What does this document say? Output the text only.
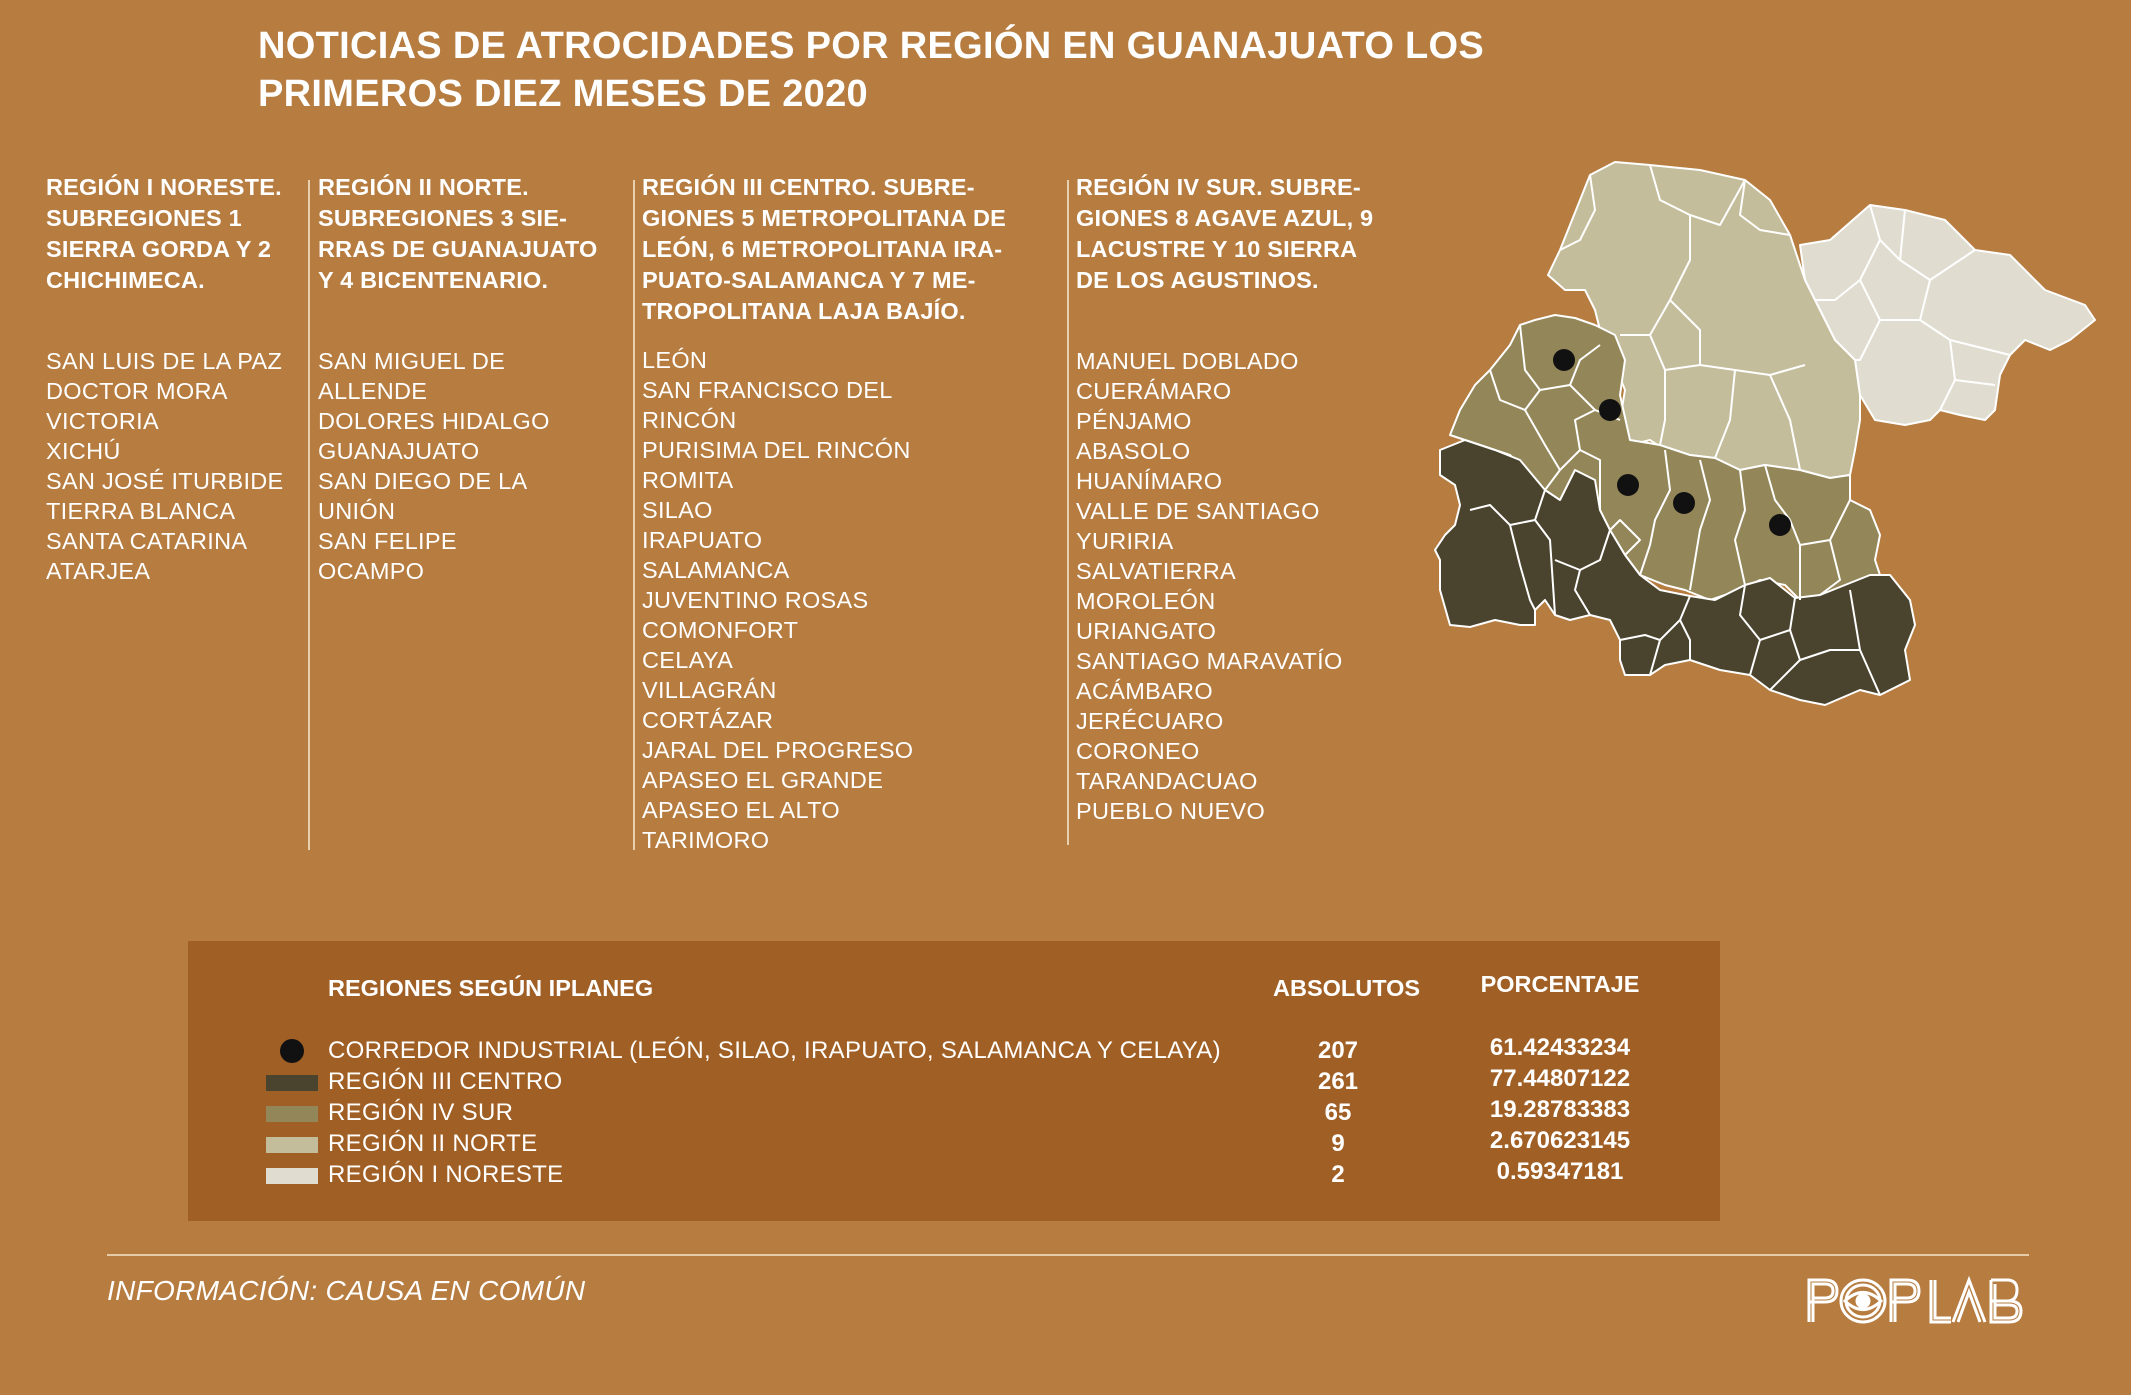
NOTICIAS DE ATROCIDADES POR REGIÓN EN GUANAJUATO LOS
PRIMEROS DIEZ MESES DE 2020
REGIÓN I NORESTE.
SUBREGIONES 1
SIERRA GORDA Y 2
CHICHIMECA.
SAN LUIS DE LA PAZ
DOCTOR MORA
VICTORIA
XICHÚ
SAN JOSÉ ITURBIDE
TIERRA BLANCA
SANTA CATARINA
ATARJEA
REGIÓN II NORTE.
SUBREGIONES 3 SIE-
RRAS DE GUANAJUATO
Y 4 BICENTENARIO.
SAN MIGUEL DE
ALLENDE
DOLORES HIDALGO
GUANAJUATO
SAN DIEGO DE LA
UNIÓN
SAN FELIPE
OCAMPO
REGIÓN III CENTRO. SUBRE-
GIONES 5 METROPOLITANA DE
LEÓN, 6 METROPOLITANA IRA-
PUATO-SALAMANCA Y 7 ME-
TROPOLITANA LAJA BAJÍO.
LEÓN
SAN FRANCISCO DEL
RINCÓN
PURISIMA DEL RINCÓN
ROMITA
SILAO
IRAPUATO
SALAMANCA
JUVENTINO ROSAS
COMONFORT
CELAYA
VILLAGRÁN
CORTÁZAR
JARAL DEL PROGRESO
APASEO EL GRANDE
APASEO EL ALTO
TARIMORO
REGIÓN IV SUR. SUBRE-
GIONES 8 AGAVE AZUL, 9
LACUSTRE Y 10 SIERRA
DE LOS AGUSTINOS.
MANUEL DOBLADO
CUERÁMARO
PÉNJAMO
ABASOLO
HUANÍMARO
VALLE DE SANTIAGO
YURIRIA
SALVATIERRA
MOROLEÓN
URIANGATO
SANTIAGO MARAVATÍO
ACÁMBARO
JERÉCUARO
CORONEO
TARANDACUAO
PUEBLO NUEVO
REGIONES SEGÚN IPLANEG	ABSOLUTOS	PORCENTAJE
CORREDOR INDUSTRIAL (LEÓN, SILAO, IRAPUATO, SALAMANCA Y CELAYA)	207	61.42433234
REGIÓN III CENTRO	261	77.44807122
REGIÓN IV SUR	65	19.28783383
REGIÓN II NORTE	9	2.670623145
REGIÓN I NORESTE	2	0.59347181
INFORMACIÓN: CAUSA EN COMÚN
